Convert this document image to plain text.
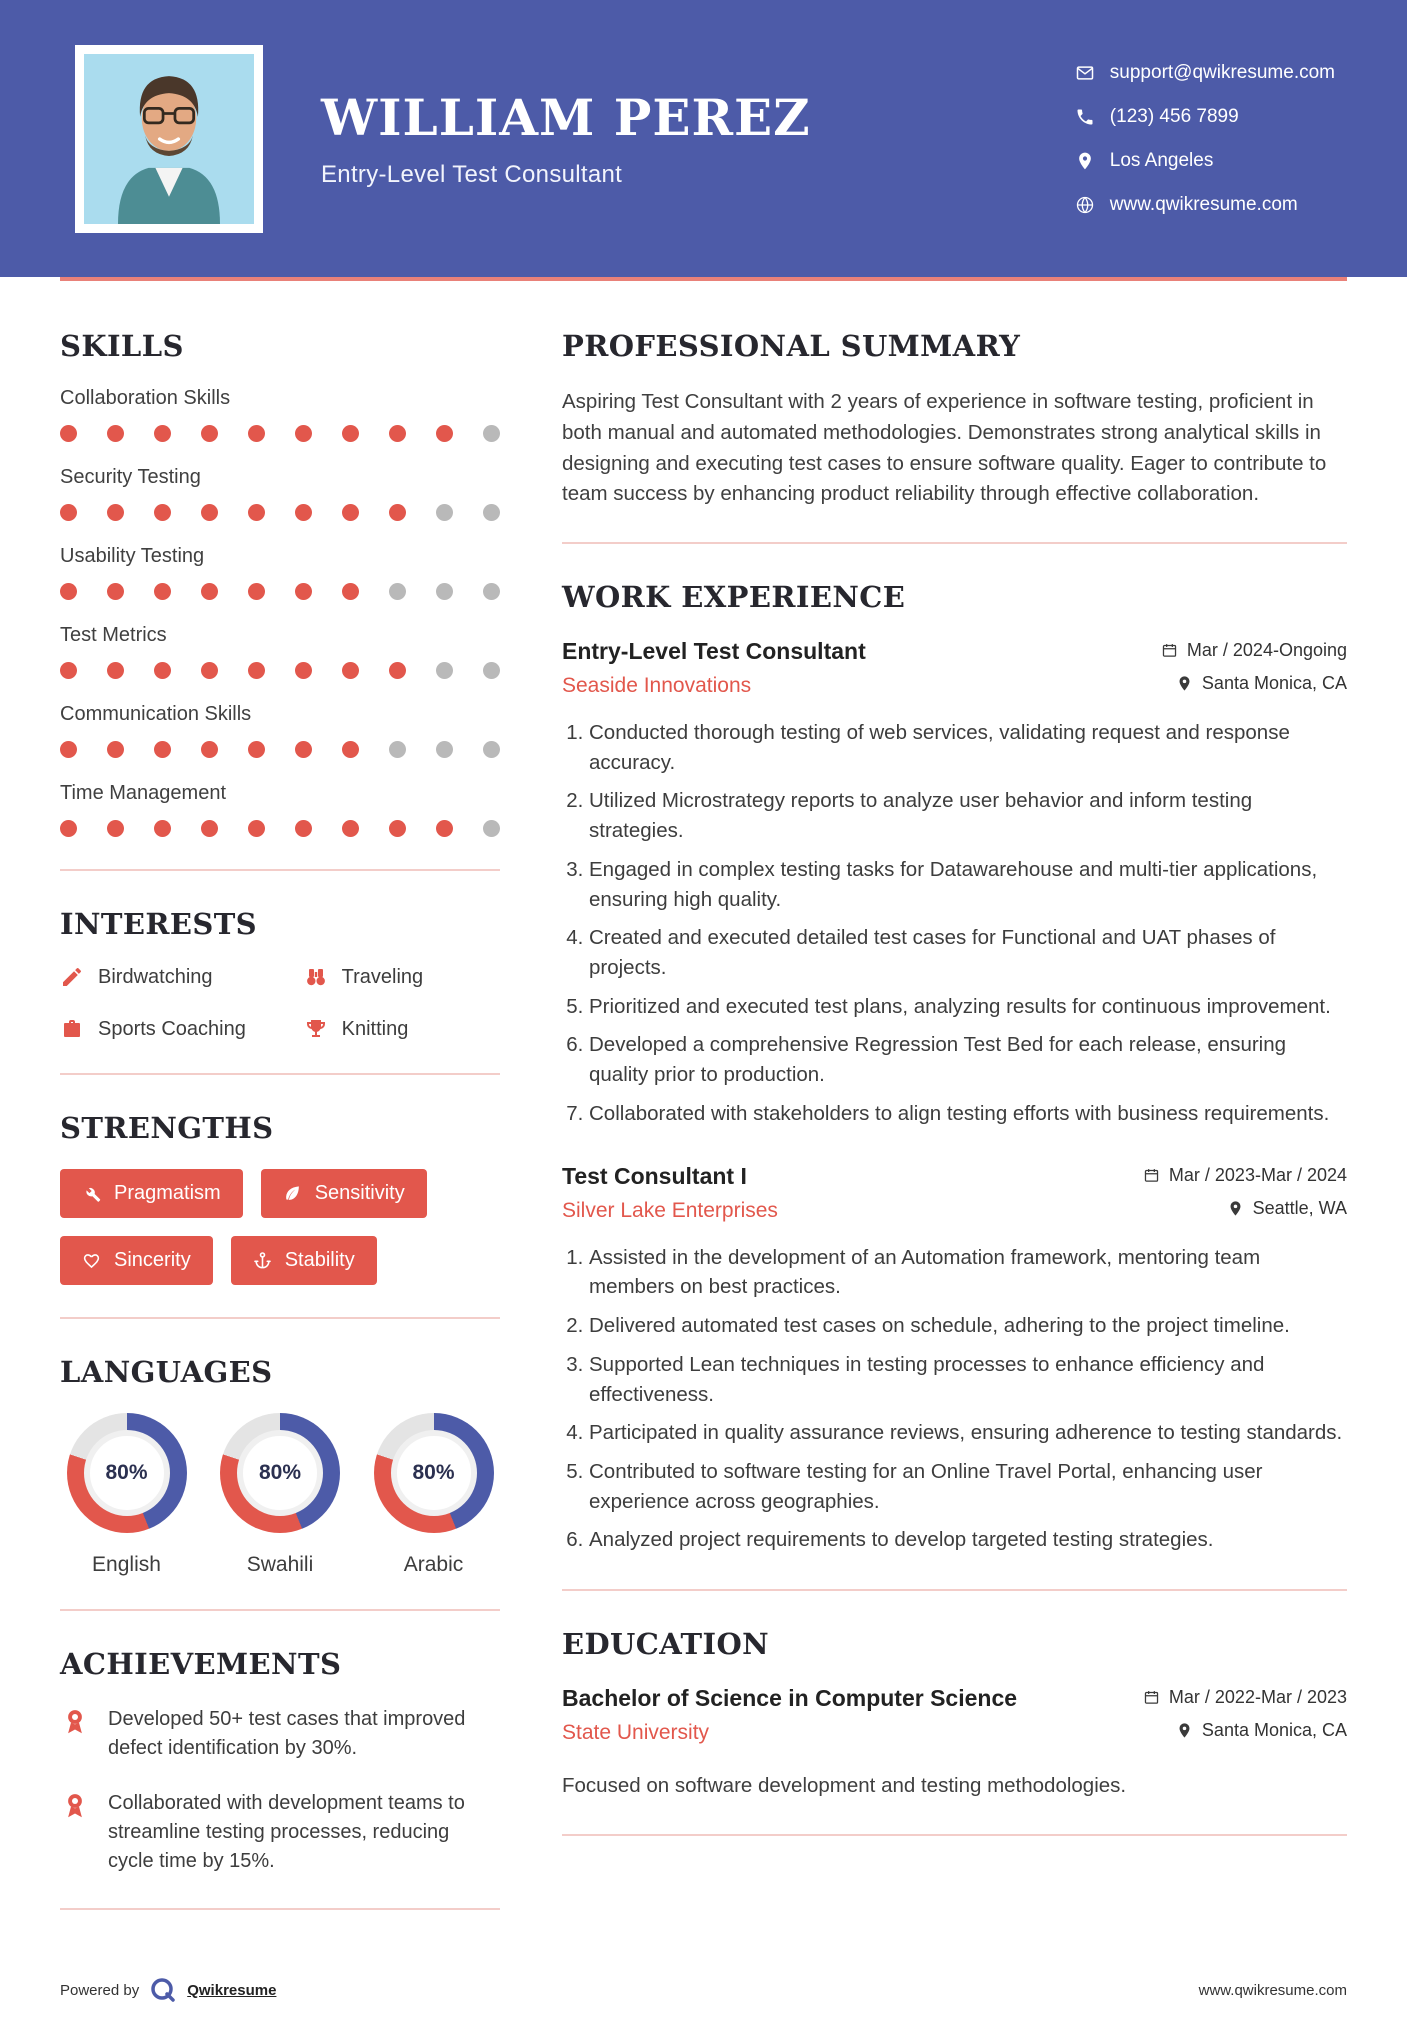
WILLIAM PEREZ
Entry-Level Test Consultant
support@qwikresume.com
(123) 456 7899
Los Angeles
www.qwikresume.com
SKILLS
Collaboration Skills
Security Testing
Usability Testing
Test Metrics
Communication Skills
Time Management
INTERESTS
Birdwatching	Traveling
Sports Coaching	Knitting
STRENGTHS
Pragmatism	Sensitivity
Sincerity	Stability
LANGUAGES
80%
English
80%
Swahili
80%
Arabic
ACHIEVEMENTS

Developed 50+ test cases that improved defect identification by 30%.

Collaborated with development teams to streamline testing processes, reducing cycle time by 15%.

PROFESSIONAL SUMMARY

Aspiring Test Consultant with 2 years of experience in software testing, proficient in both manual and automated methodologies. Demonstrates strong analytical skills in designing and executing test cases to ensure software quality. Eager to contribute to team success by enhancing product reliability through effective collaboration.

WORK EXPERIENCE
Entry-Level Test Consultant	Mar / 2024-Ongoing
Seaside Innovations	Santa Monica, CA
1. Conducted thorough testing of web services, validating request and response accuracy.
2. Utilized Microstrategy reports to analyze user behavior and inform testing strategies.
3. Engaged in complex testing tasks for Datawarehouse and multi-tier applications, ensuring high quality.
4. Created and executed detailed test cases for Functional and UAT phases of projects.
5. Prioritized and executed test plans, analyzing results for continuous improvement.
6. Developed a comprehensive Regression Test Bed for each release, ensuring quality prior to production.
7. Collaborated with stakeholders to align testing efforts with business requirements.
Test Consultant I	Mar / 2023-Mar / 2024
Silver Lake Enterprises	Seattle, WA
1. Assisted in the development of an Automation framework, mentoring team members on best practices.
2. Delivered automated test cases on schedule, adhering to the project timeline.
3. Supported Lean techniques in testing processes to enhance efficiency and effectiveness.
4. Participated in quality assurance reviews, ensuring adherence to testing standards.
5. Contributed to software testing for an Online Travel Portal, enhancing user experience across geographies.
6. Analyzed project requirements to develop targeted testing strategies.
EDUCATION
Bachelor of Science in Computer Science	Mar / 2022-Mar / 2023
State University	Santa Monica, CA

Focused on software development and testing methodologies.

Powered by	Qwikresume	www.qwikresume.com
